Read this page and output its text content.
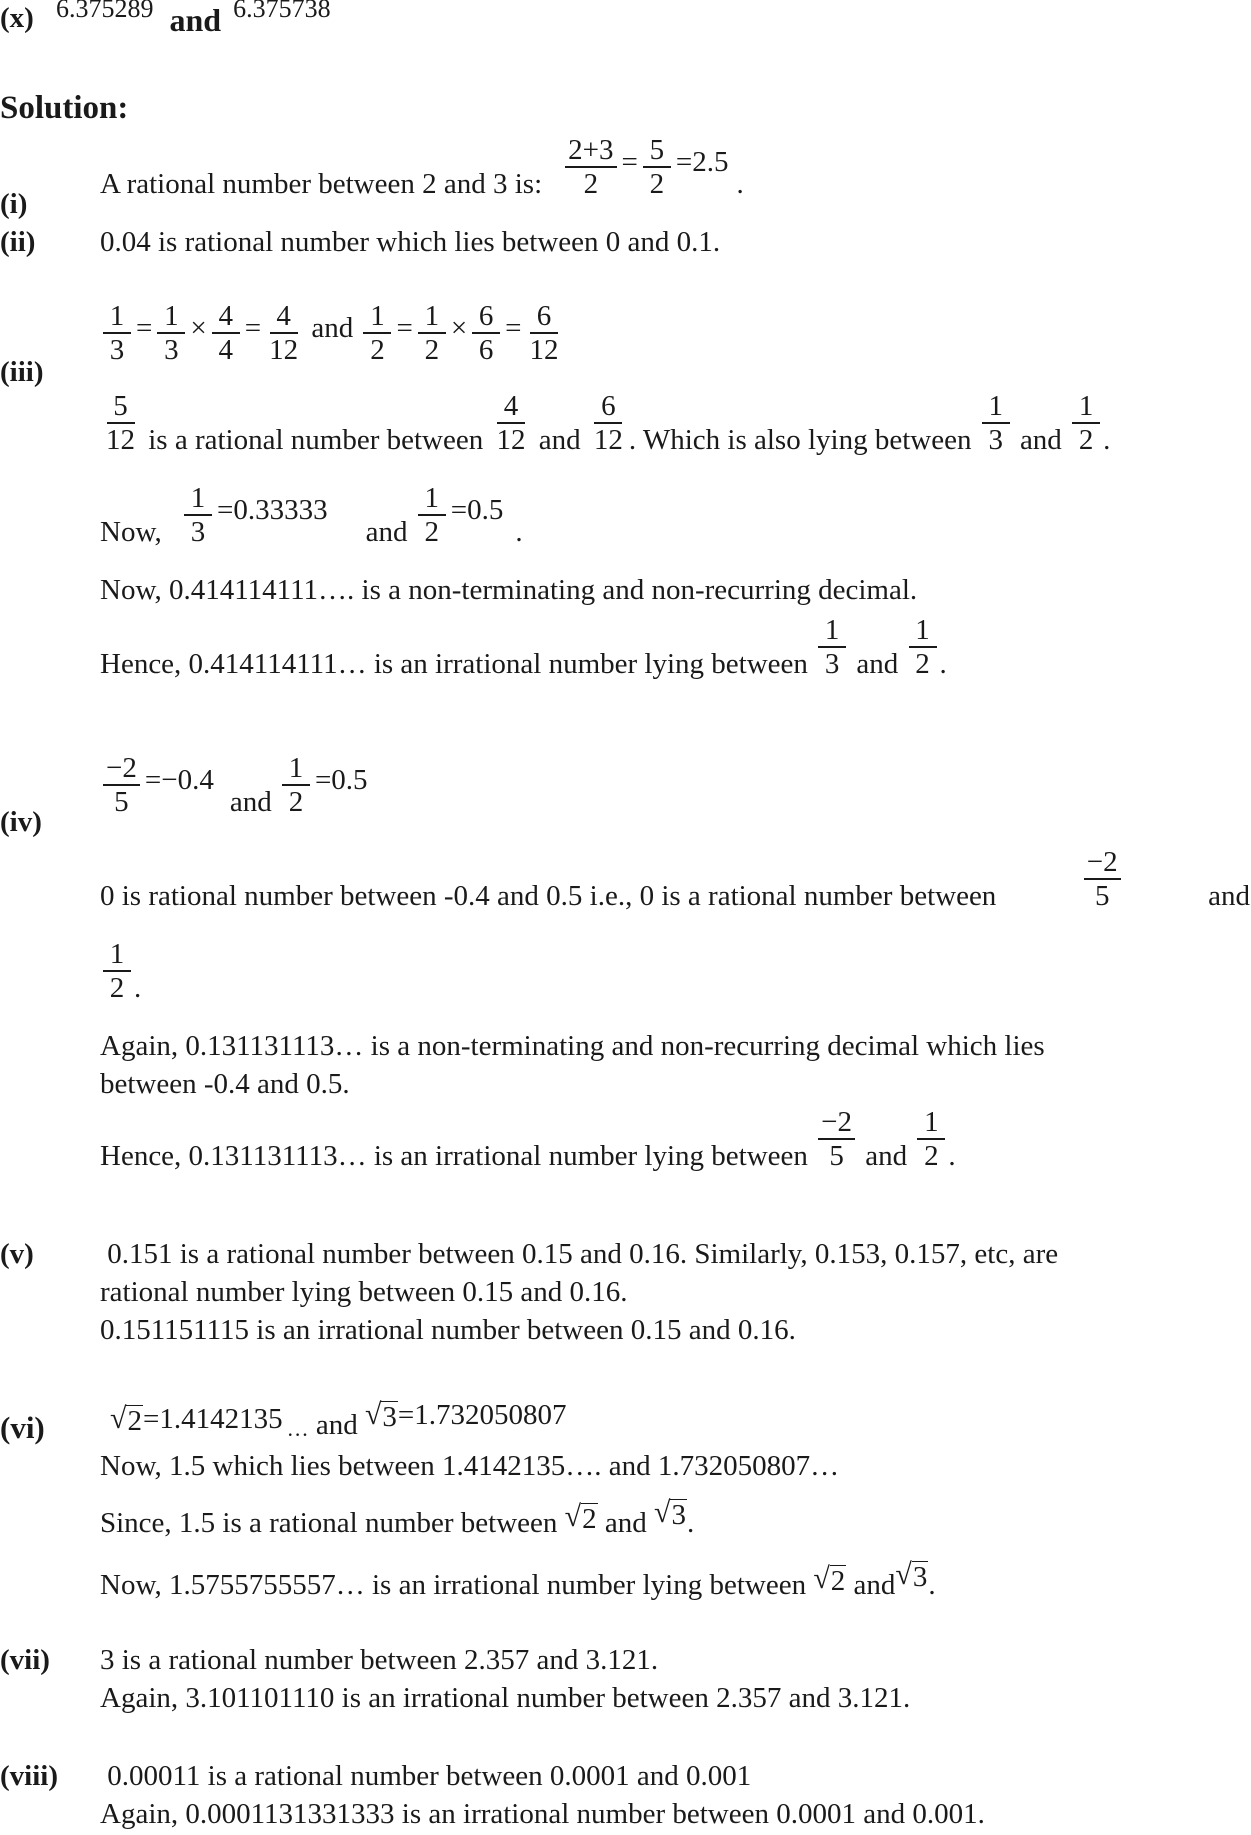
(x) 6.375289 and 6.375738
Solution:
(i)
A rational number between 2 and 3 is: $\frac{2+3}{2} = \frac{5}{2} =2.5$
.
(ii) 0.04 is rational number which lies between 0 and 0.1.
(iii)
$\frac{1}{3} = \frac{1}{3} \times \frac{4}{4} = \frac{4}{12}$ and $\frac{1}{2} = \frac{1}{2} \times \frac{6}{6} = \frac{6}{12}$
$\frac{5}{12}$ is a rational number between $\frac{4}{12}$ and $\frac{6}{12}$ . Which is also lying between $\frac{1}{3}$ and $\frac{1}{2}$ .
Now, $\frac{1}{3} =0.33333$
and $\frac{1}{2} =0.5$
.
Now, 0.414114111…. is a non-terminating and non-recurring decimal.
Hence, 0.414114111… is an irrational number lying between $\frac{1}{3}$ and $\frac{1}{2}$ .
(iv)
$\frac{-2}{5} =-0.4$
and $\frac{1}{2} =0.5$
0 is rational number between -0.4 and 0.5 i.e., 0 is a rational number between	$\frac{-2}{5}$	and
$\frac{1}{2}$ .
Again, 0.131131113… is a non-terminating and non-recurring decimal which lies
between -0.4 and 0.5.
Hence, 0.131131113… is an irrational number lying between $\frac{-2}{5}$ and $\frac{1}{2}$ .
(v) 0.151 is a rational number between 0.15 and 0.16. Similarly, 0.153, 0.157, etc, are
rational number lying between 0.15 and 0.16.
0.151151115 is an irrational number between 0.15 and 0.16.
(vi) √ 2 =1.4142135 … and √ 3 =1.732050807
Now, 1.5 which lies between 1.4142135…. and 1.732050807…
Since, 1.5 is a rational number between √ 2 and √ 3 .
Now, 1.5755755557… is an irrational number lying between √ 2 and √ 3 .
(vii) 3 is a rational number between 2.357 and 3.121.
Again, 3.101101110 is an irrational number between 2.357 and 3.121.
(viii) 0.00011 is a rational number between 0.0001 and 0.001
Again, 0.0001131331333 is an irrational number between 0.0001 and 0.001.
